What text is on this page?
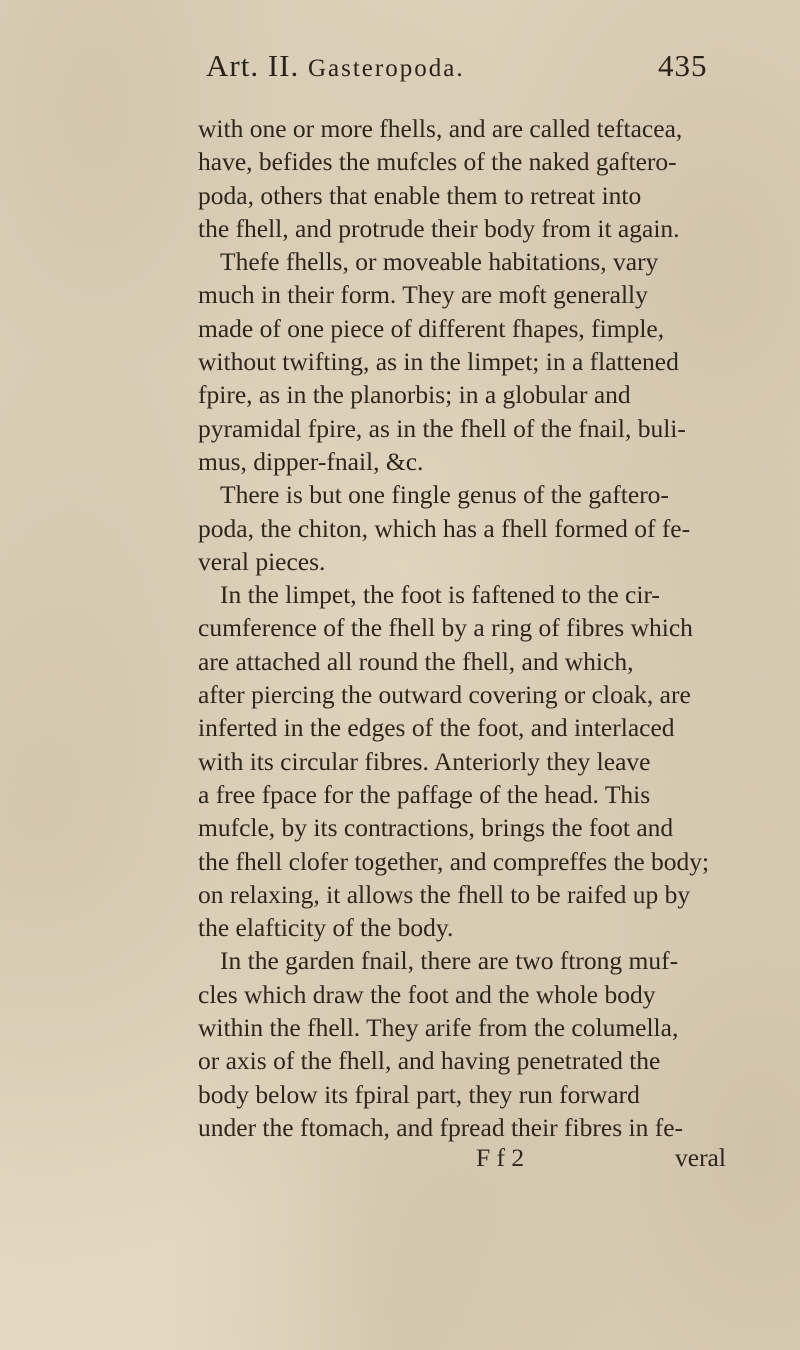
Art. II. Gasteropoda.	435
with one or more fhells, and are called teftacea,
have, befides the mufcles of the naked gaftero-
poda, others that enable them to retreat into
the fhell, and protrude their body from it again.
Thefe fhells, or moveable habitations, vary
much in their form. They are moft generally
made of one piece of different fhapes, fimple,
without twifting, as in the limpet; in a flattened
fpire, as in the planorbis; in a globular and
pyramidal fpire, as in the fhell of the fnail, buli-
mus, dipper-fnail, &c.
There is but one fingle genus of the gaftero-
poda, the chiton, which has a fhell formed of fe-
veral pieces.
In the limpet, the foot is faftened to the cir-
cumference of the fhell by a ring of fibres which
are attached all round the fhell, and which,
after piercing the outward covering or cloak, are
inferted in the edges of the foot, and interlaced
with its circular fibres. Anteriorly they leave
a free fpace for the paffage of the head. This
mufcle, by its contractions, brings the foot and
the fhell clofer together, and compreffes the body;
on relaxing, it allows the fhell to be raifed up by
the elafticity of the body.
In the garden fnail, there are two ftrong muf-
cles which draw the foot and the whole body
within the fhell. They arife from the columella,
or axis of the fhell, and having penetrated the
body below its fpiral part, they run forward
under the ftomach, and fpread their fibres in fe-
F f 2	veral
